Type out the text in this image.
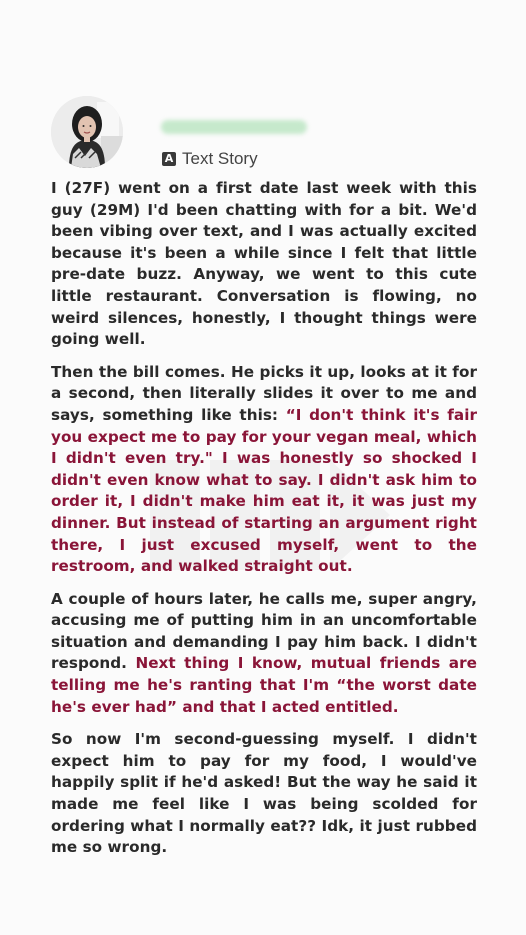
A Text Story

I (27F) went on a first date last week with this guy (29M) I'd been chatting with for a bit. We'd been vibing over text, and I was actually excited because it's been a while since I felt that little pre-date buzz. Anyway, we went to this cute little restaurant. Conversation is flowing, no weird silences, honestly, I thought things were going well.

Then the bill comes. He picks it up, looks at it for a second, then literally slides it over to me and says, something like this: “I don't think it's fair you expect me to pay for your vegan meal, which I didn't even try." I was honestly so shocked I didn't even know what to say. I didn't ask him to order it, I didn't make him eat it, it was just my dinner. But instead of starting an argument right there, I just excused myself, went to the restroom, and walked straight out.

A couple of hours later, he calls me, super angry, accusing me of putting him in an uncomfortable situation and demanding I pay him back. I didn't respond. Next thing I know, mutual friends are telling me he's ranting that I'm “the worst date he's ever had” and that I acted entitled.

So now I'm second-guessing myself. I didn't expect him to pay for my food, I would've happily split if he'd asked! But the way he said it made me feel like I was being scolded for ordering what I normally eat?? Idk, it just rubbed me so wrong.
